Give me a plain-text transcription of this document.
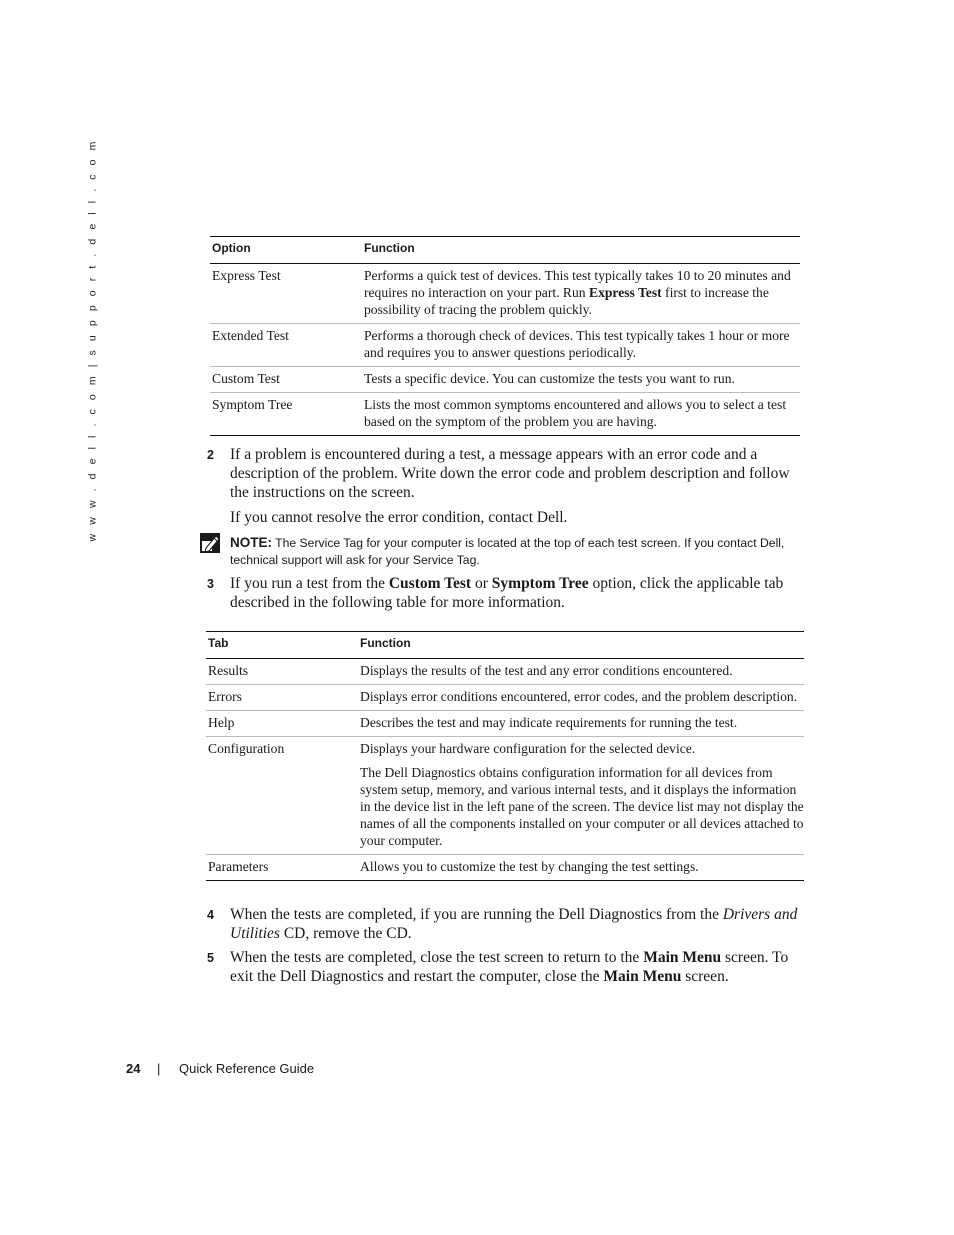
w w w . d e l l . c o m | s u p p o r t . d e l l . c o m	Option	Function
Express Test	Performs a quick test of devices. This test typically takes 10 to 20 minutes and requires no interaction on your part. Run Express Test first to increase the possibility of tracing the problem quickly.
Extended Test	Performs a thorough check of devices. This test typically takes 1 hour or more and requires you to answer questions periodically.
Custom Test	Tests a specific device. You can customize the tests you want to run.
Symptom Tree	Lists the most common symptoms encountered and allows you to select a test based on the symptom of the problem you are having.
2 If a problem is encountered during a test, a message appears with an error code and a description of the problem. Write down the error code and problem description and follow the instructions on the screen.
If you cannot resolve the error condition, contact Dell.
NOTE: The Service Tag for your computer is located at the top of each test screen. If you contact Dell, technical support will ask for your Service Tag.
3 If you run a test from the Custom Test or Symptom Tree option, click the applicable tab described in the following table for more information.
Tab	Function
Results	Displays the results of the test and any error conditions encountered.
Errors	Displays error conditions encountered, error codes, and the problem description.
Help	Describes the test and may indicate requirements for running the test.
Configuration	Displays your hardware configuration for the selected device.

The Dell Diagnostics obtains configuration information for all devices from system setup, memory, and various internal tests, and it displays the information in the device list in the left pane of the screen. The device list may not display the names of all the components installed on your computer or all devices attached to your computer.

Parameters	Allows you to customize the test by changing the test settings.
4 When the tests are completed, if you are running the Dell Diagnostics from the Drivers and Utilities CD, remove the CD.
5 When the tests are completed, close the test screen to return to the Main Menu screen. To exit the Dell Diagnostics and restart the computer, close the Main Menu screen.
24 | Quick Reference Guide
